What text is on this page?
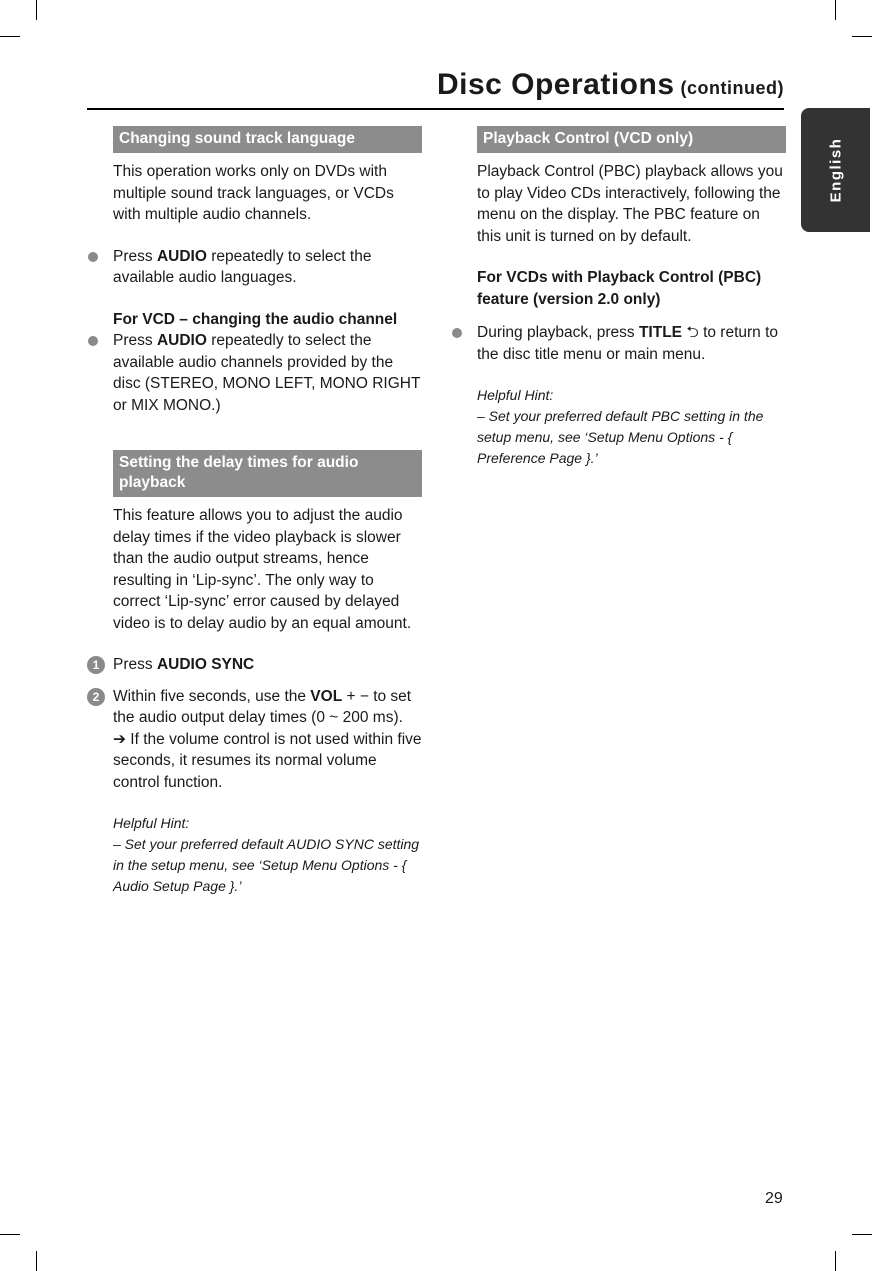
Disc Operations (continued)
English
Changing sound track language
This operation works only on DVDs with multiple sound track languages, or VCDs with multiple audio channels.
Press AUDIO repeatedly to select the available audio languages.
For VCD – changing the audio channel
Press AUDIO repeatedly to select the available audio channels provided by the disc (STEREO, MONO LEFT, MONO RIGHT or MIX MONO.)
Setting the delay times for audio playback
This feature allows you to adjust the audio delay times if the video playback is slower than the audio output streams, hence resulting in ‘Lip-sync’. The only way to correct ‘Lip-sync’ error caused by delayed video is to delay audio by an equal amount.
1 Press AUDIO SYNC
2 Within five seconds, use the VOL + − to set the audio output delay times (0 ~ 200 ms).
➔ If the volume control is not used within five seconds, it resumes its normal volume control function.
Helpful Hint:
– Set your preferred default AUDIO SYNC setting in the setup menu, see ‘Setup Menu Options - { Audio Setup Page }.’
Playback Control (VCD only)
Playback Control (PBC) playback allows you to play Video CDs interactively, following the menu on the display. The PBC feature on this unit is turned on by default.
For VCDs with Playback Control (PBC) feature (version 2.0 only)
During playback, press TITLE ⮌ to return to the disc title menu or main menu.
Helpful Hint:
– Set your preferred default PBC setting in the setup menu, see ‘Setup Menu Options - { Preference Page }.’
29
